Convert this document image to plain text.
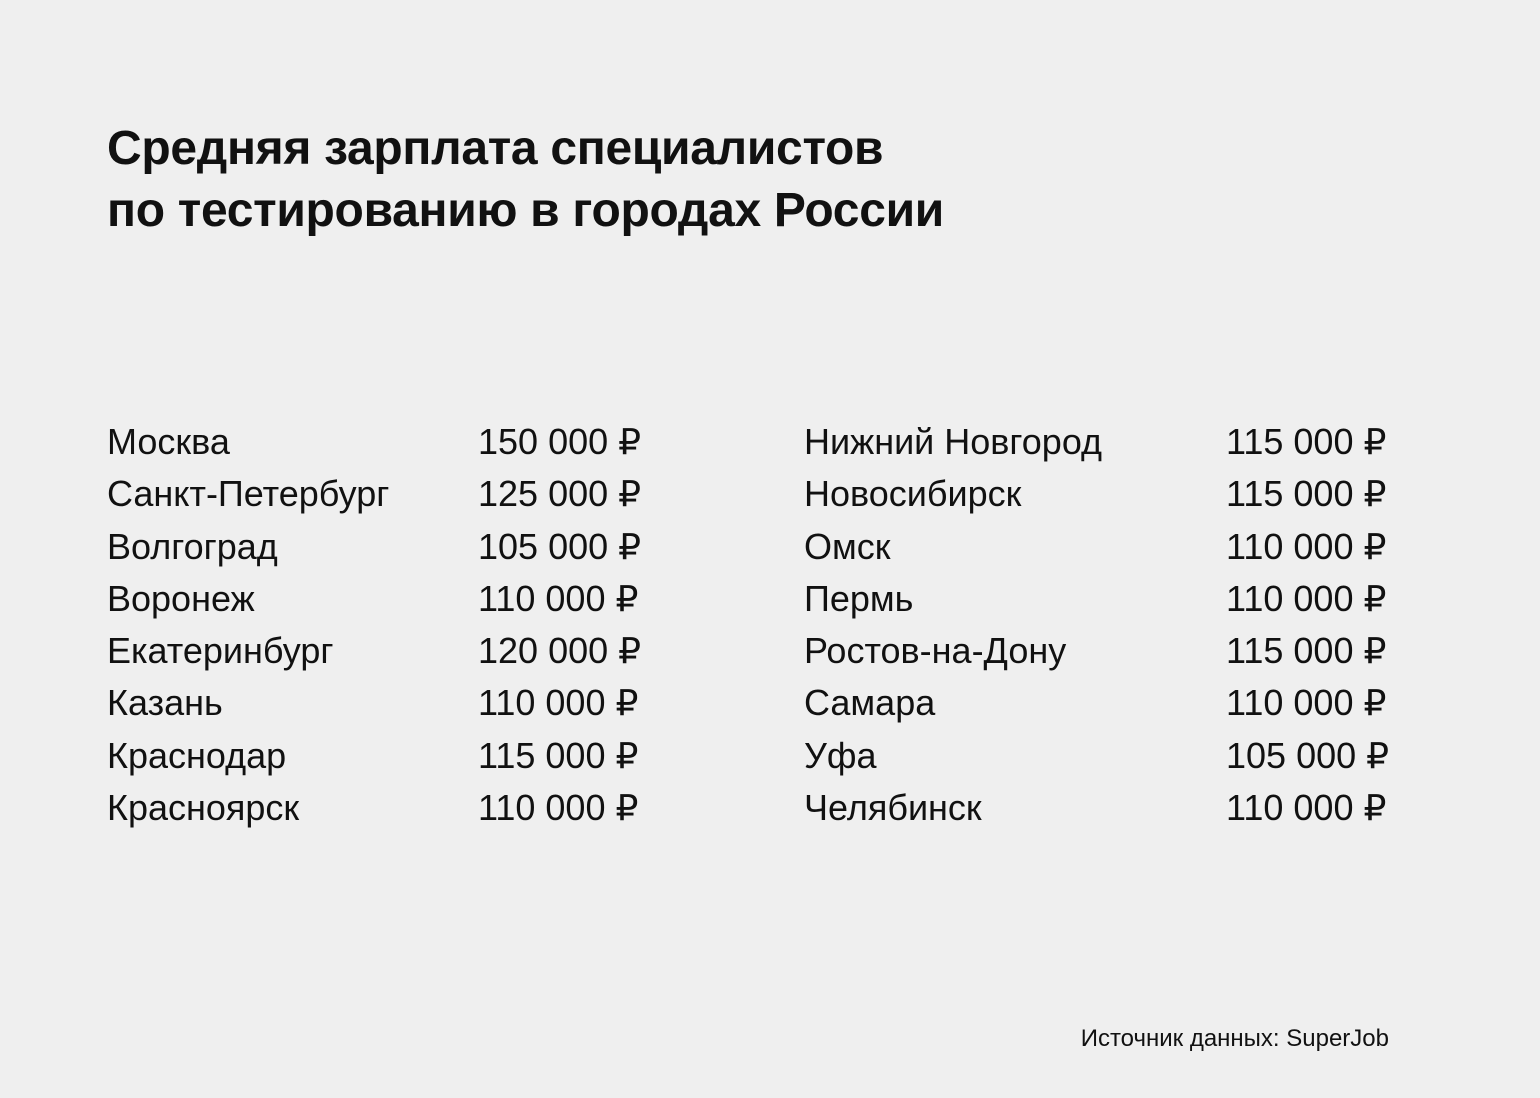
Средняя зарплата специалистов
по тестированию в городах России
Москва	150 000 ₽
Санкт-Петербург 125 000 ₽
Волгоград	105 000 ₽
Воронеж	110 000 ₽
Екатеринбург	120 000 ₽
Казань	110 000 ₽
Краснодар	115 000 ₽
Красноярск	110 000 ₽
Нижний Новгород	115 000 ₽
Новосибирск	115 000 ₽
Омск	110 000 ₽
Пермь	110 000 ₽
Ростов-на-Дону	115 000 ₽
Самара	110 000 ₽
Уфа	105 000 ₽
Челябинск	110 000 ₽
Источник данных: SuperJob
